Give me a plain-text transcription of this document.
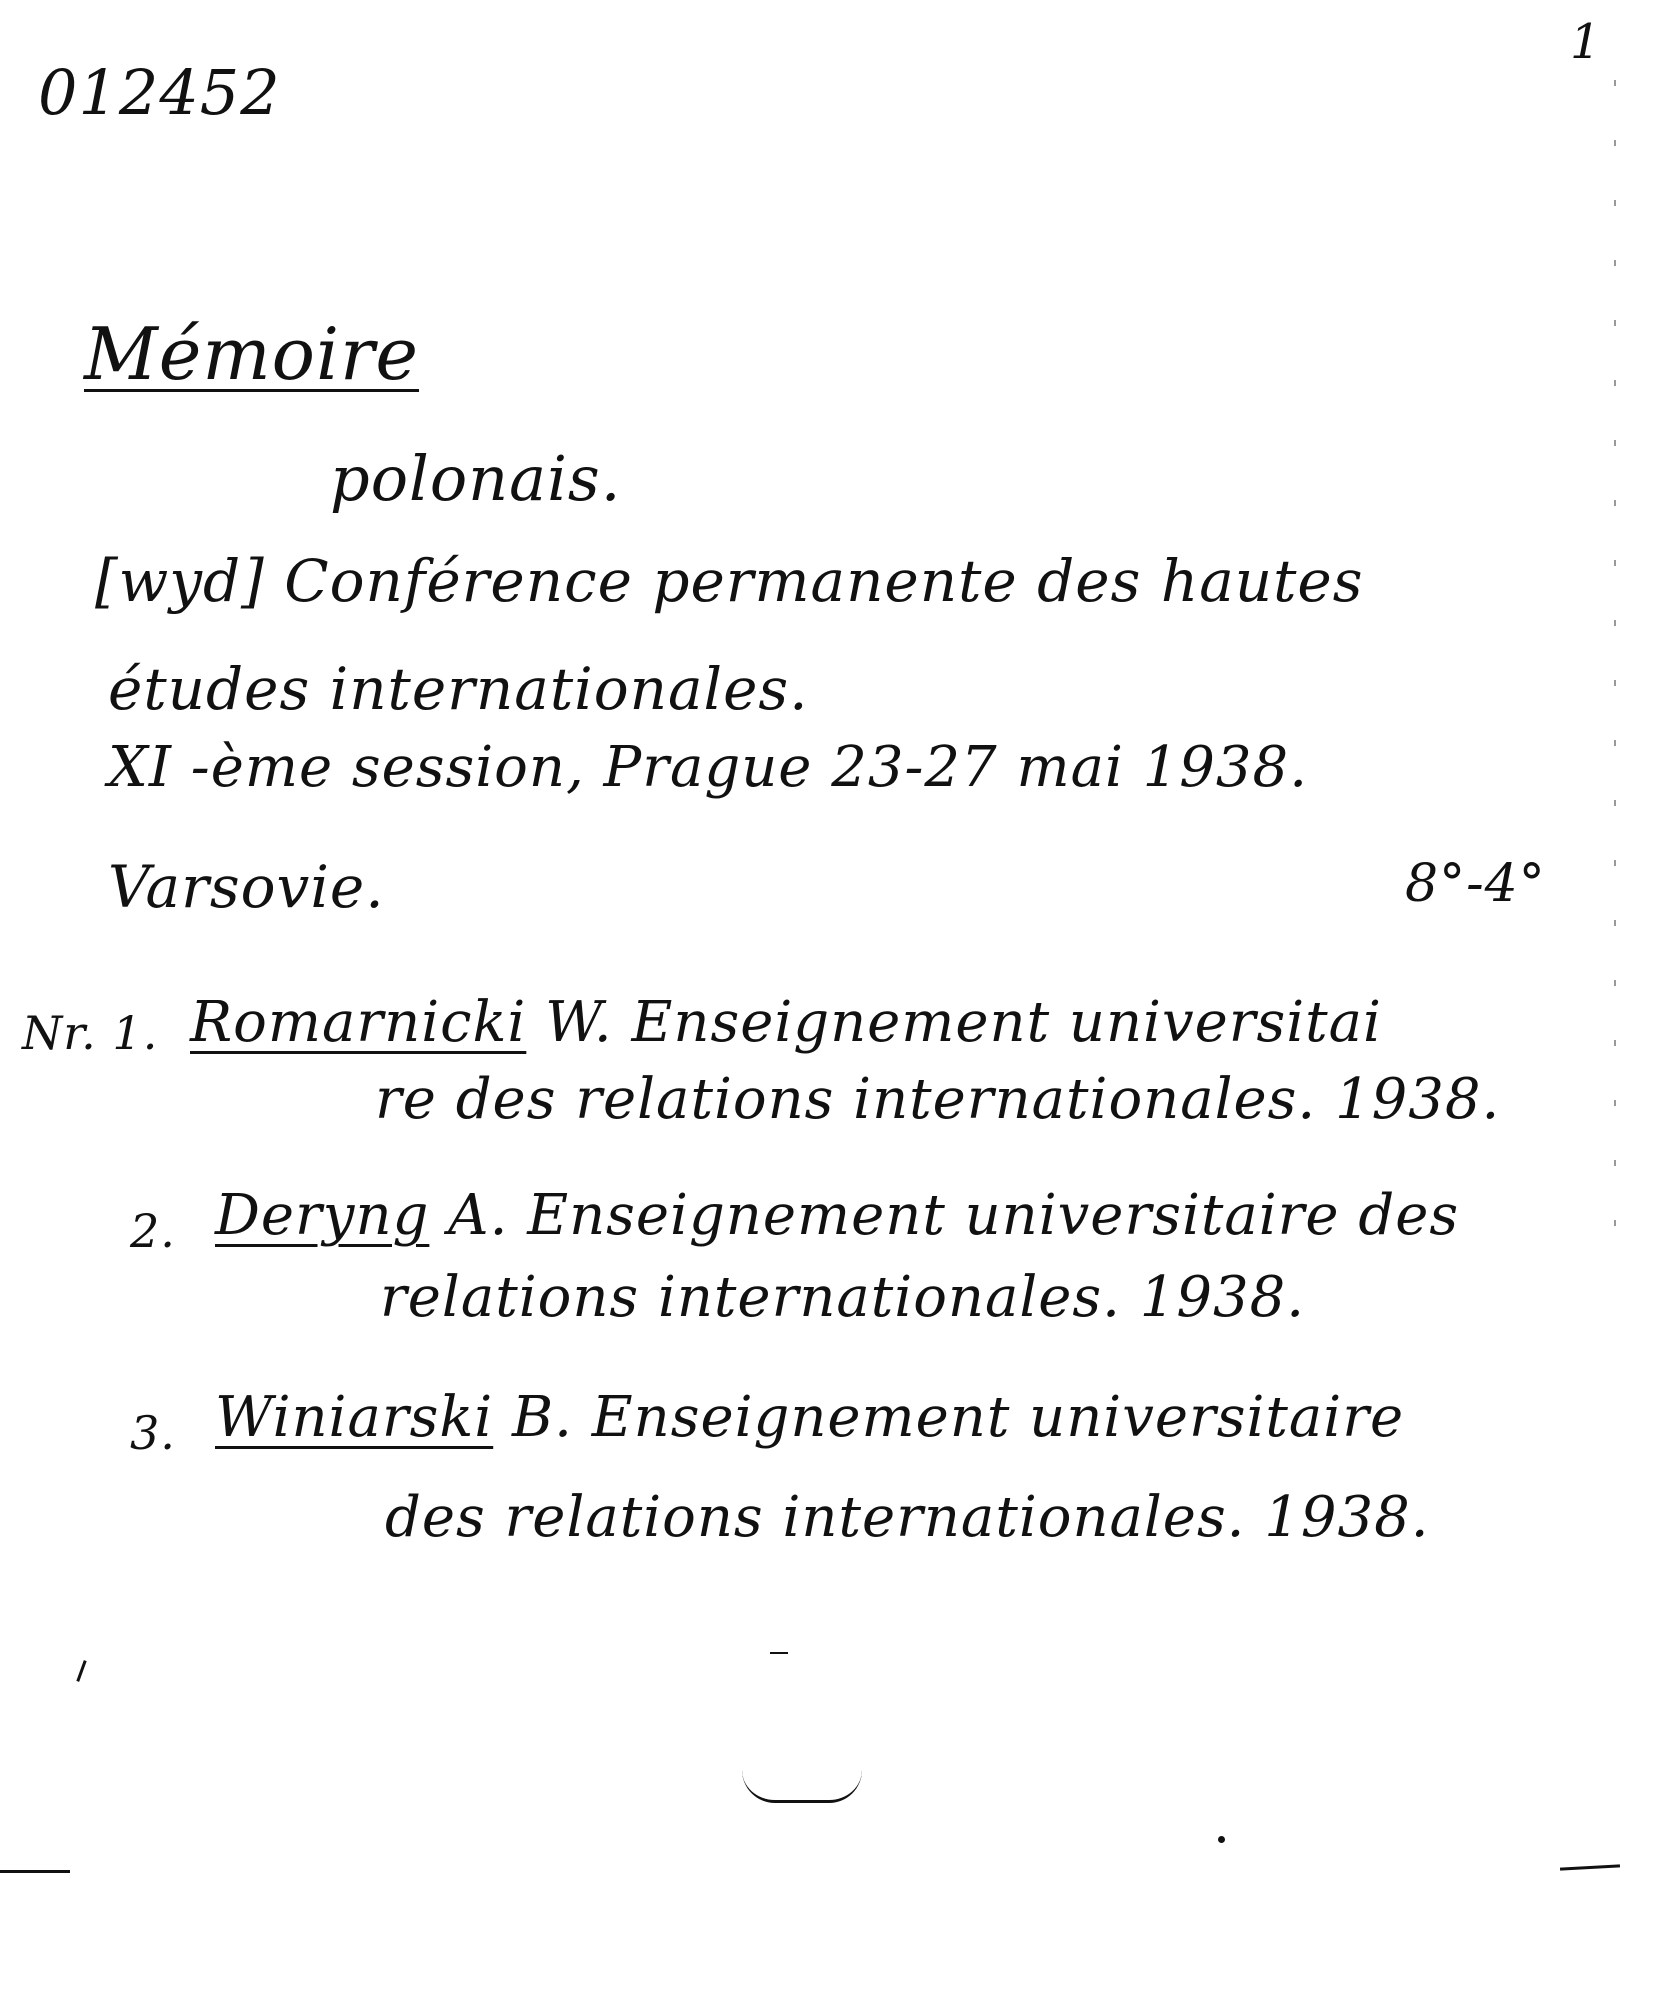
1
012452
Mémoire
polonais.
[wyd] Conférence permanente des hautes
études internationales.
XI -ème session, Prague 23-27 mai 1938.
Varsovie.	8°-4°
Nr. 1. Romarnicki W. Enseignement universitai
re des relations internationales. 1938.
2. Deryng A. Enseignement universitaire des
relations internationales. 1938.
3. Winiarski B. Enseignement universitaire
des relations internationales. 1938.
